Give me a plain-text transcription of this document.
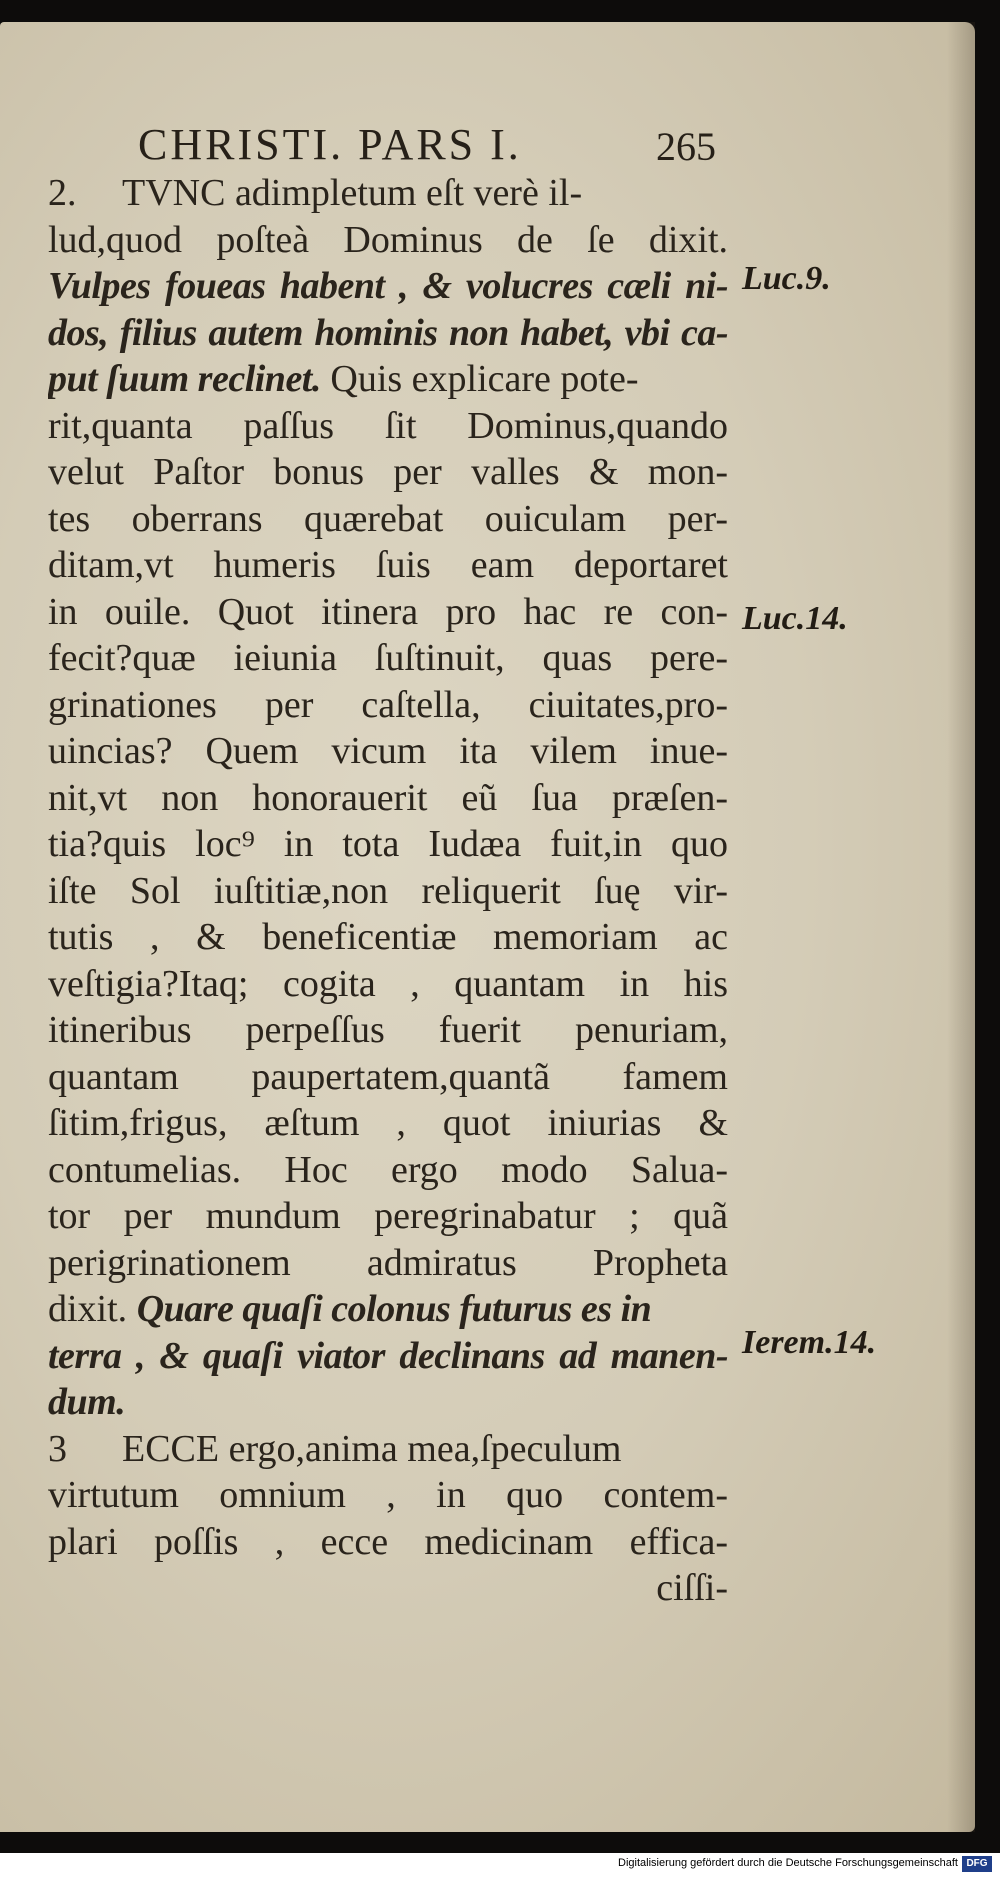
CHRISTI. PARS I.	265
2. TVNC adimpletum eſt verè il-
lud,quod poſteà Dominus de ſe dixit.
Vulpes foueas habent , & volucres cæli ni-
dos, filius autem hominis non habet, vbi ca-
put ſuum reclinet. Quis explicare pote-
rit,quanta paſſus ſit Dominus,quando
velut Paſtor bonus per valles & mon-
tes oberrans quærebat ouiculam per-
ditam,vt humeris ſuis eam deportaret
in ouile. Quot itinera pro hac re con-
fecit?quæ ieiunia ſuſtinuit, quas pere-
grinationes per caſtella, ciuitates,pro-
uincias? Quem vicum ita vilem inue-
nit,vt non honorauerit eũ ſua præſen-
tia?quis loc⁹ in tota Iudæa fuit,in quo
iſte Sol iuſtitiæ,non reliquerit ſuę vir-
tutis , & beneficentiæ memoriam ac
veſtigia?Itaq; cogita , quantam in his
itineribus perpeſſus fuerit penuriam,
quantam paupertatem,quantã famem
ſitim,frigus, æſtum , quot iniurias &
contumelias. Hoc ergo modo Salua-
tor per mundum peregrinabatur ; quã
perigrinationem admiratus Propheta
dixit. Quare quaſi colonus futurus es in
terra , & quaſi viator declinans ad manen-
dum.
3 ECCE ergo,anima mea,ſpeculum
virtutum omnium , in quo contem-
plari poſſis , ecce medicinam effica-
ciſſi-
Luc.9.
Luc.14.
Ierem.14.
Digitalisierung gefördert durch die Deutsche Forschungsgemeinschaft DFG
